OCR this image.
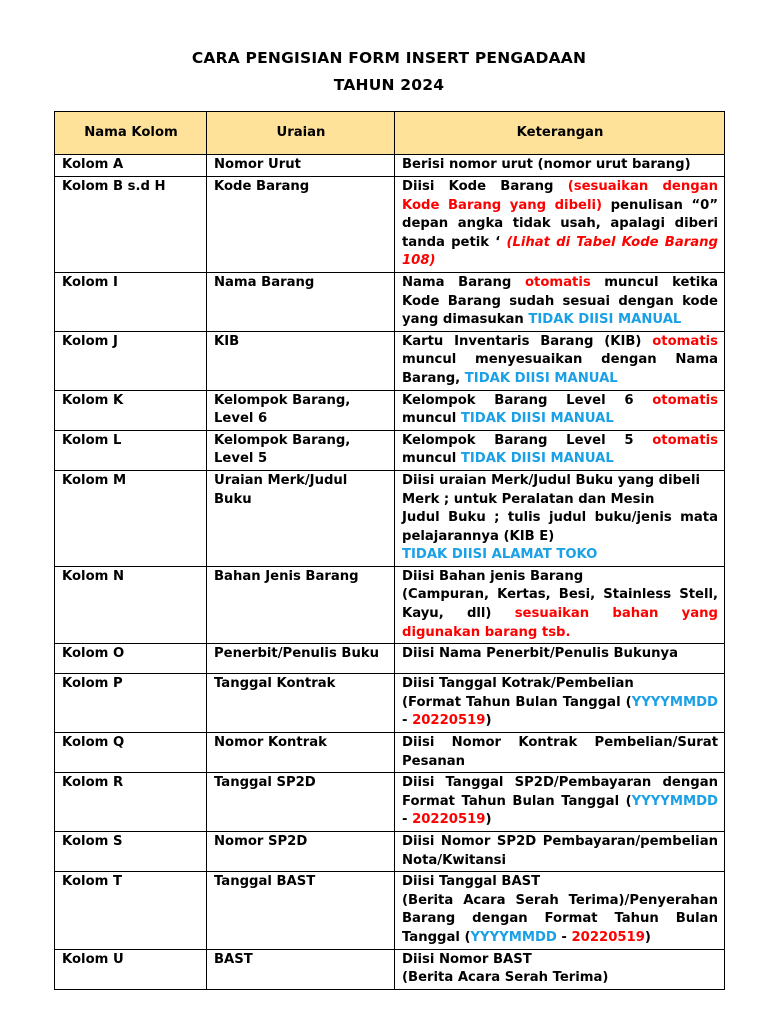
CARA PENGISIAN FORM INSERT PENGADAAN
TAHUN 2024
Nama Kolom	Uraian	Keterangan
Kolom A	Nomor Urut	Berisi nomor urut (nomor urut barang)

Kolom B s.d H	Kode Barang	Diisi Kode Barang (sesuaikan dengan Kode Barang yang dibeli) penulisan “0” depan angka tidak usah, apalagi diberi tanda petik ‘ (Lihat di Tabel Kode Barang 108)

Kolom I	Nama Barang	Nama Barang otomatis muncul ketika Kode Barang sudah sesuai dengan kode yang dimasukan TIDAK DIISI MANUAL

Kolom J	KIB	Kartu Inventaris Barang (KIB) otomatis muncul menyesuaikan dengan Nama Barang, TIDAK DIISI MANUAL

Kolom K	Kelompok Barang, Level 6	Kelompok Barang Level 6 otomatis muncul TIDAK DIISI MANUAL

Kolom L	Kelompok Barang, Level 5	Kelompok Barang Level 5 otomatis muncul TIDAK DIISI MANUAL

Kolom M	Uraian Merk/Judul Buku	Diisi uraian Merk/Judul Buku yang dibeli
Merk ; untuk Peralatan dan Mesin
Judul Buku ; tulis judul buku/jenis mata pelajarannya (KIB E)
TIDAK DIISI ALAMAT TOKO

Kolom N	Bahan Jenis Barang	Diisi Bahan jenis Barang
(Campuran, Kertas, Besi, Stainless Stell, Kayu, dll) sesuaikan bahan yang digunakan barang tsb.

Kolom O	Penerbit/Penulis Buku	Diisi Nama Penerbit/Penulis Bukunya

Kolom P	Tanggal Kontrak	Diisi Tanggal Kotrak/Pembelian
(Format Tahun Bulan Tanggal (YYYYMMDD - 20220519)

Kolom Q	Nomor Kontrak	Diisi Nomor Kontrak Pembelian/Surat Pesanan

Kolom R	Tanggal SP2D	Diisi Tanggal SP2D/Pembayaran dengan Format Tahun Bulan Tanggal (YYYYMMDD - 20220519)

Kolom S	Nomor SP2D	Diisi Nomor SP2D Pembayaran/pembelian Nota/Kwitansi

Kolom T	Tanggal BAST	Diisi Tanggal BAST
(Berita Acara Serah Terima)/Penyerahan Barang dengan Format Tahun Bulan Tanggal (YYYYMMDD - 20220519)

Kolom U	BAST	Diisi Nomor BAST
(Berita Acara Serah Terima)
